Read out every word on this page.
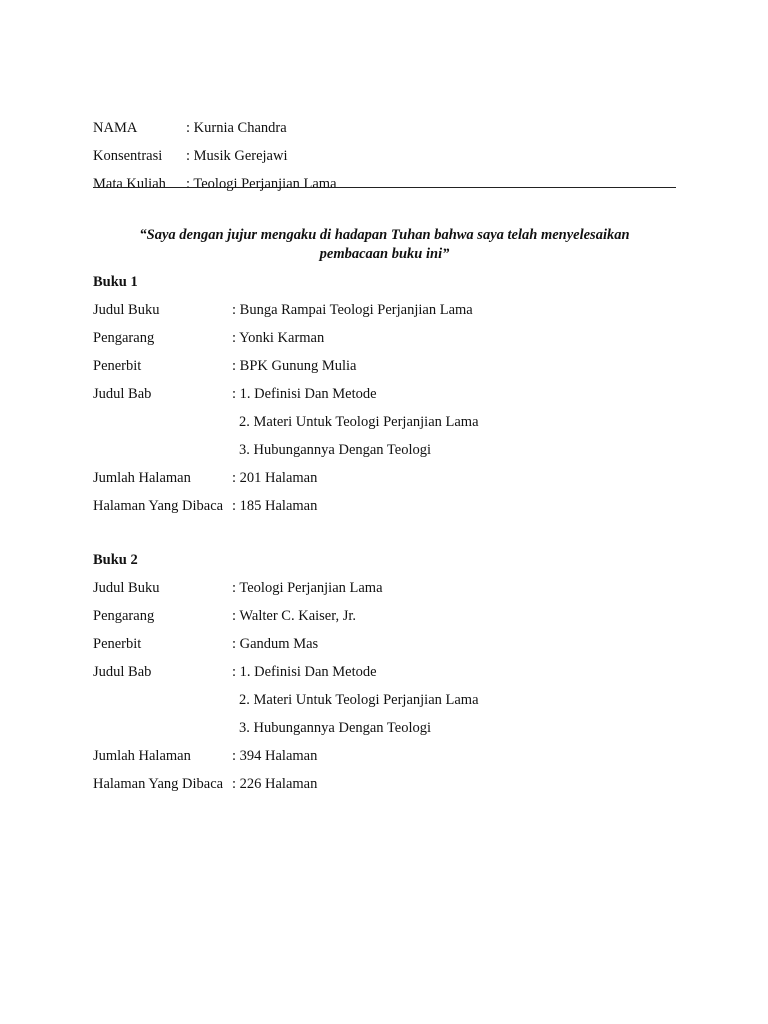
NAMA	: Kurnia Chandra
Konsentrasi	: Musik Gerejawi
Mata Kuliah	: Teologi Perjanjian Lama
“Saya dengan jujur mengaku di hadapan Tuhan bahwa saya telah menyelesaikan
pembacaan buku ini”
Buku 1
Judul Buku	: Bunga Rampai Teologi Perjanjian Lama
Pengarang	: Yonki Karman
Penerbit	: BPK Gunung Mulia
Judul Bab	: 1. Definisi Dan Metode
2. Materi Untuk Teologi Perjanjian Lama
3. Hubungannya Dengan Teologi
Jumlah Halaman	: 201 Halaman
Halaman Yang Dibaca : 185 Halaman
Buku 2
Judul Buku	: Teologi Perjanjian Lama
Pengarang	: Walter C. Kaiser, Jr.
Penerbit	: Gandum Mas
Judul Bab	: 1. Definisi Dan Metode
2. Materi Untuk Teologi Perjanjian Lama
3. Hubungannya Dengan Teologi
Jumlah Halaman	: 394 Halaman
Halaman Yang Dibaca : 226 Halaman
